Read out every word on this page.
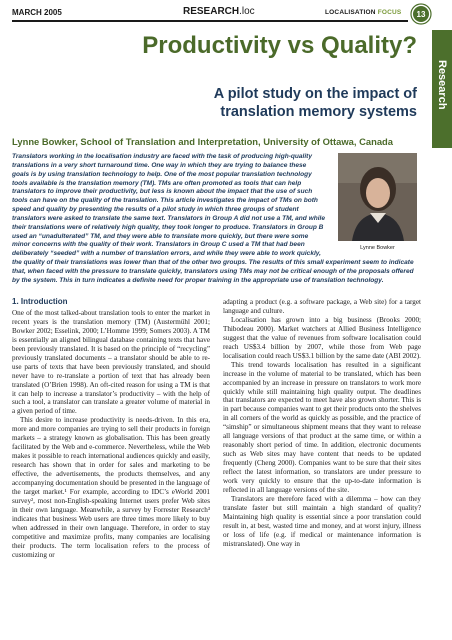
MARCH 2005	RESEARCH.loc	LOCALISATION FOCUS 13
Research
Productivity vs Quality?
A pilot study on the impact of
translation memory systems
Lynne Bowker, School of Translation and Interpretation, University of Ottawa, Canada
Lynne Bowker
Translators working in the localisation industry are faced with the task of producing high-quality translations in a very short turnaround time. One way in which they are trying to balance these goals is by using translation technology to help. One of the most popular translation technology tools available is the translation memory (TM). TMs are often promoted as tools that can help translators to improve their productivity, but less is known about the impact that the use of such tools can have on the quality of the translation. This article investigates the impact of TMs on both speed and quality by presenting the results of a pilot study in which three groups of student translators were asked to translate the same text. Translators in Group A did not use a TM, and while their translations were of relatively high quality, they took longer to produce. Translators in Group B used an “unadulterated” TM, and they were able to translate more quickly, but there were some minor concerns with the quality of their work. Translators in Group C used a TM that had been deliberately “seeded” with a number of translation errors, and while they were able to work quickly, the quality of their translations was lower than that of the other two groups. The results of this small experiment seem to indicate that, when faced with the pressure to translate quickly, translators using TMs may not be critical enough of the proposals offered by the system. This in turn indicates a definite need for proper training in the appropriate use of translation technology.
1. Introduction

One of the most talked-about translation tools to enter the market in recent years is the translation memory (TM) (Austermühl 2001; Bowker 2002; Esselink, 2000; L’Homme 1999; Somers 2003). A TM is essentially an aligned bilingual database containing texts that have been previously translated. It is based on the principle of “recycling” previously translated documents – a translator should be able to re-use parts of texts that have been previously translated, and should never have to re-translate a portion of text that has already been translated (O’Brien 1998). An oft-cited reason for using a TM is that it can help to increase a translator’s productivity – with the help of such a tool, a translator can translate a greater volume of material in a given period of time.

This desire to increase productivity is needs-driven. In this era, more and more companies are trying to sell their products in foreign markets – a strategy known as globalisation. This has been greatly facilitated by the Web and e-commerce. Nevertheless, while the Web makes it possible to reach international audiences quickly and easily, research has shown that in order for sales and marketing to be effective, the advertisements, the products themselves, and any accompanying documentation should be presented in the language of the target market.¹ For example, according to IDC’s eWorld 2001 survey², most non-English-speaking Internet users prefer Web sites in their own language. Meanwhile, a survey by Forrester Research³ indicates that business Web users are three times more likely to buy when addressed in their own language. Therefore, in order to stay competitive and maximize profits, many companies are localising their products. The term localisation refers to the process of customizing or

adapting a product (e.g. a software package, a Web site) for a target language and culture.

Localisation has grown into a big business (Brooks 2000; Thibodeau 2000). Market watchers at Allied Business Intelligence suggest that the value of revenues from software localisation could reach US$3.4 billion by 2007, while those from Web page localisation could reach US$3.1 billion by the same date (ABI 2002).

This trend towards localisation has resulted in a significant increase in the volume of material to be translated, which has been accompanied by an increase in pressure on translators to work more quickly while still maintaining high quality output. The deadlines that translators are expected to meet have also grown shorter. This is in part because companies want to get their products onto the shelves in all corners of the world as quickly as possible, and the practice of “simship” or simultaneous shipment means that they want to release all language versions of that product at the same time, or within a reasonably short period of time. In addition, electronic documents such as Web sites may have content that needs to be updated frequently (Cheng 2000). Companies want to be sure that their sites reflect the latest information, so translators are under pressure to work very quickly to ensure that the up-to-date information is reflected in all language versions of the site.

Translators are therefore faced with a dilemma – how can they translate faster but still maintain a high standard of quality? Maintaining high quality is essential since a poor translation could result in, at best, wasted time and money, and at worst injury, illness or loss of life (e.g. if medical or maintenance information is mistranslated). One way in
